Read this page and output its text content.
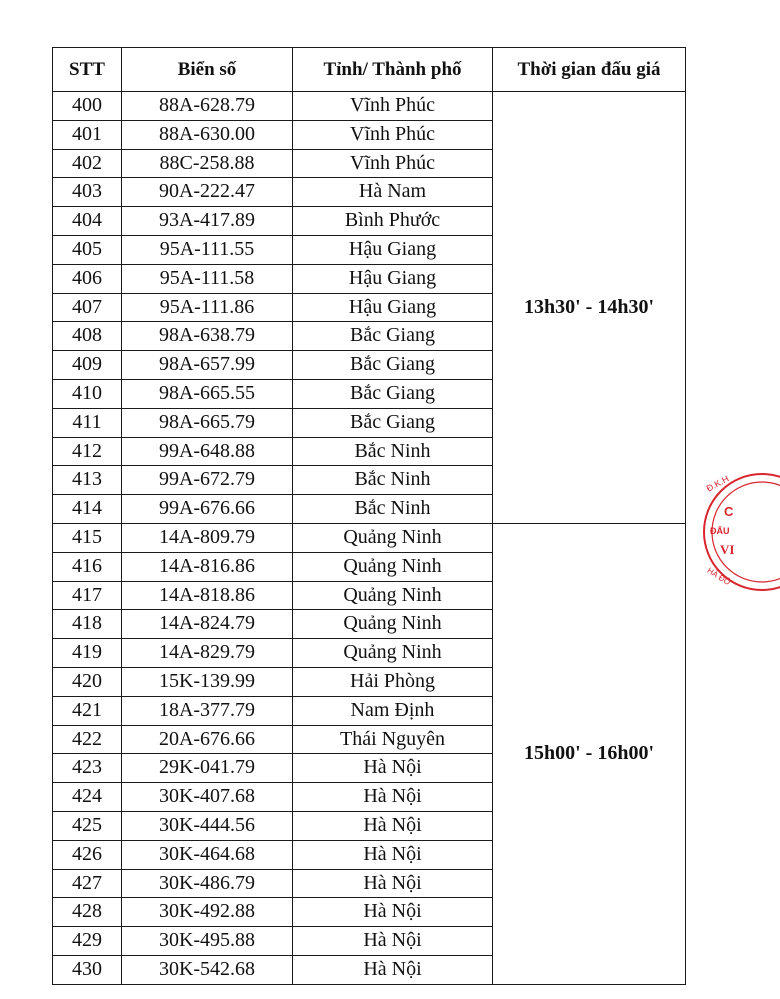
STT	Biển số	Tỉnh/ Thành phố	Thời gian đấu giá
400	88A-628.79	Vĩnh Phúc	13h30' - 14h30'
401	88A-630.00	Vĩnh Phúc	
402	88C-258.88	Vĩnh Phúc	
403	90A-222.47	Hà Nam	
404	93A-417.89	Bình Phước	
405	95A-111.55	Hậu Giang	
406	95A-111.58	Hậu Giang	
407	95A-111.86	Hậu Giang	
408	98A-638.79	Bắc Giang	
409	98A-657.99	Bắc Giang	
410	98A-665.55	Bắc Giang	
411	98A-665.79	Bắc Giang	
412	99A-648.88	Bắc Ninh	
413	99A-672.79	Bắc Ninh	
414	99A-676.66	Bắc Ninh	
415	14A-809.79	Quảng Ninh	15h00' - 16h00'
416	14A-816.86	Quảng Ninh	
417	14A-818.86	Quảng Ninh	
418	14A-824.79	Quảng Ninh	
419	14A-829.79	Quảng Ninh	
420	15K-139.99	Hải Phòng	
421	18A-377.79	Nam Định	
422	20A-676.66	Thái Nguyên	
423	29K-041.79	Hà Nội	
424	30K-407.68	Hà Nội	
425	30K-444.56	Hà Nội	
426	30K-464.68	Hà Nội	
427	30K-486.79	Hà Nội	
428	30K-492.88	Hà Nội	
429	30K-495.88	Hà Nội	
430	30K-542.68	Hà Nội	
Đ.K.H
C
ĐẤU
VI
HÀ ĐÔ
